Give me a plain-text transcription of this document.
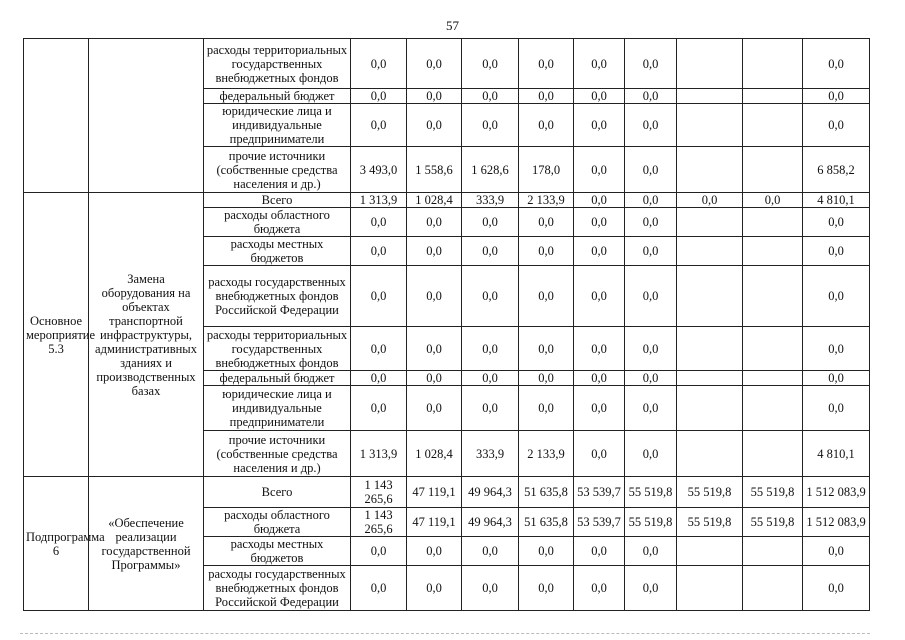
57
		расходы территориальных государственных внебюджетных фондов	0,0	0,0	0,0	0,0	0,0	0,0			0,0
		федеральный бюджет	0,0	0,0	0,0	0,0	0,0	0,0			0,0
		юридические лица и индивидуальные предприниматели	0,0	0,0	0,0	0,0	0,0	0,0			0,0
		прочие источники (собственные средства населения и др.)	3 493,0	1 558,6	1 628,6	178,0	0,0	0,0			6 858,2
Основное мероприятие 5.3	Замена оборудования на объектах транспортной инфраструктуры, административных зданиях и производственных базах	Всего	1 313,9	1 028,4	333,9	2 133,9	0,0	0,0	0,0	0,0	4 810,1
		расходы областного бюджета	0,0	0,0	0,0	0,0	0,0	0,0			0,0
		расходы местных бюджетов	0,0	0,0	0,0	0,0	0,0	0,0			0,0
		расходы государственных внебюджетных фондов Российской Федерации	0,0	0,0	0,0	0,0	0,0	0,0			0,0
		расходы территориальных государственных внебюджетных фондов	0,0	0,0	0,0	0,0	0,0	0,0			0,0
		федеральный бюджет	0,0	0,0	0,0	0,0	0,0	0,0			0,0
		юридические лица и индивидуальные предприниматели	0,0	0,0	0,0	0,0	0,0	0,0			0,0
		прочие источники (собственные средства населения и др.)	1 313,9	1 028,4	333,9	2 133,9	0,0	0,0			4 810,1
Подпрограмма 6	«Обеспечение реализации государственной Программы»	Всего	1 143 265,6	47 119,1	49 964,3	51 635,8	53 539,7	55 519,8	55 519,8	55 519,8	1 512 083,9
		расходы областного бюджета	1 143 265,6	47 119,1	49 964,3	51 635,8	53 539,7	55 519,8	55 519,8	55 519,8	1 512 083,9
		расходы местных бюджетов	0,0	0,0	0,0	0,0	0,0	0,0			0,0
		расходы государственных внебюджетных фондов Российской Федерации	0,0	0,0	0,0	0,0	0,0	0,0			0,0
